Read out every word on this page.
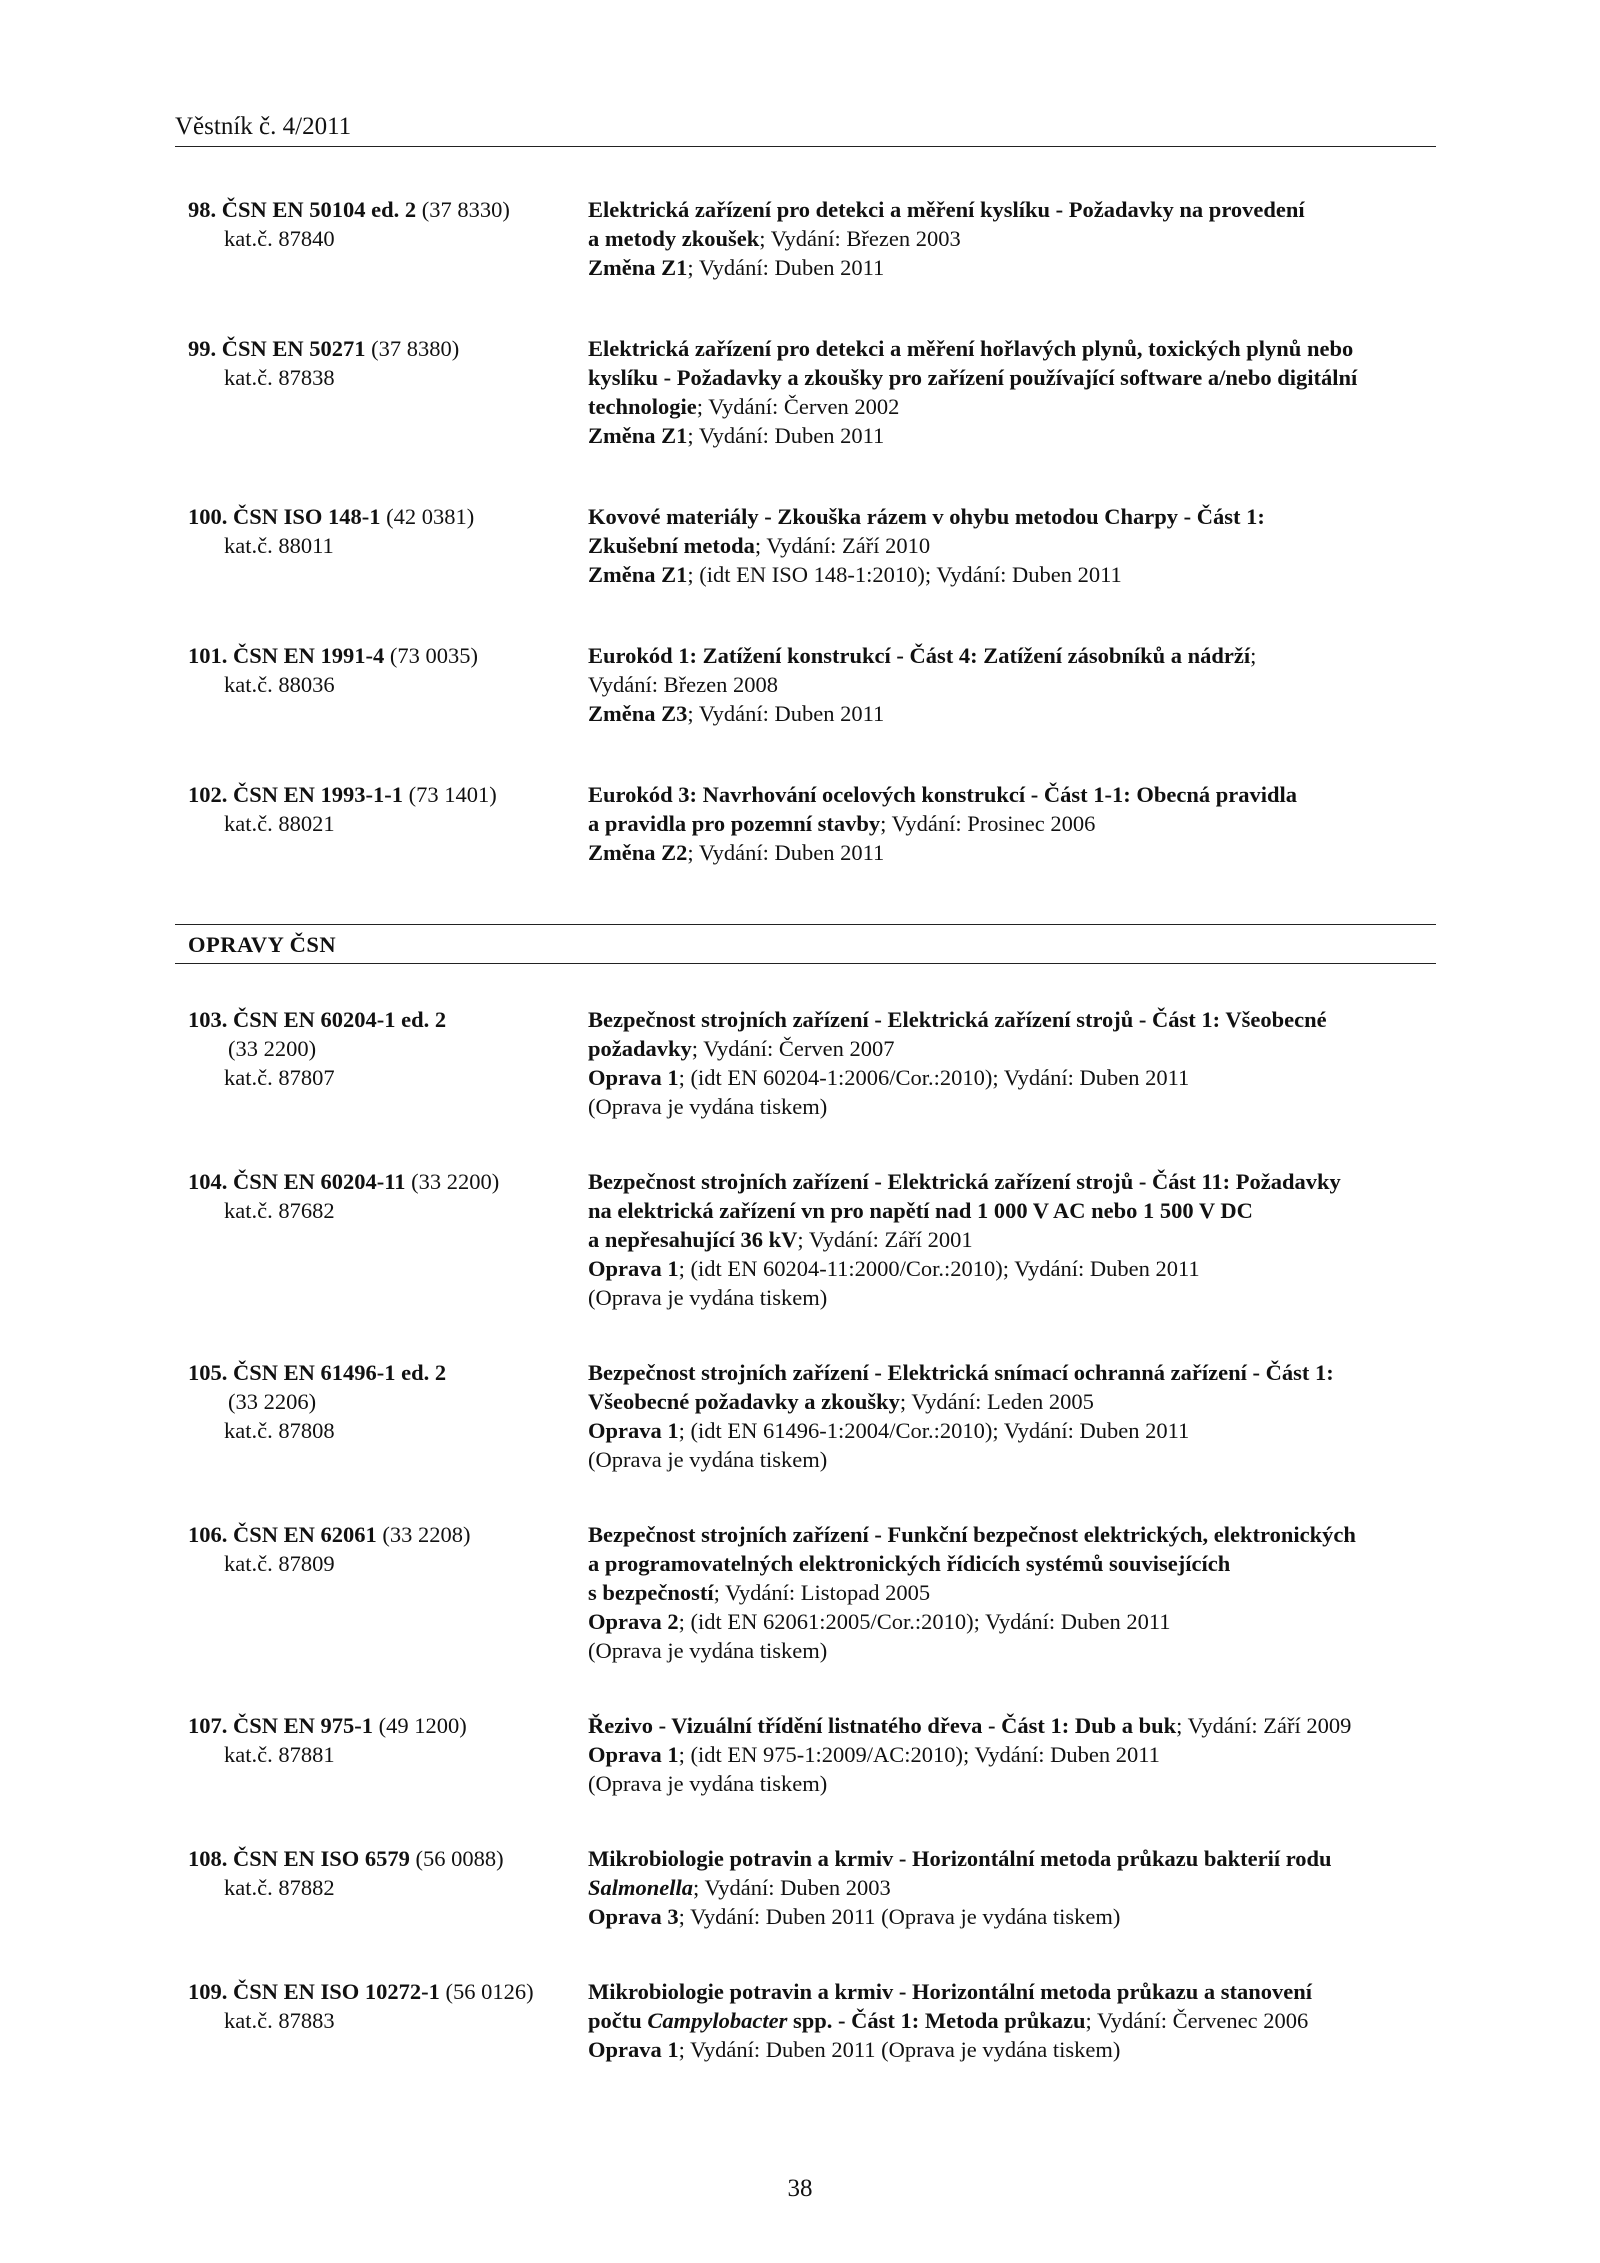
Věstník č. 4/2011
98. ČSN EN 50104 ed. 2 (37 8330)
kat.č. 87840
Elektrická zařízení pro detekci a měření kyslíku - Požadavky na provedení
a metody zkoušek; Vydání: Březen 2003
Změna Z1; Vydání: Duben 2011
99. ČSN EN 50271 (37 8380)
kat.č. 87838
Elektrická zařízení pro detekci a měření hořlavých plynů, toxických plynů nebo
kyslíku - Požadavky a zkoušky pro zařízení používající software a/nebo digitální
technologie; Vydání: Červen 2002
Změna Z1; Vydání: Duben 2011
100. ČSN ISO 148-1 (42 0381)
kat.č. 88011
Kovové materiály - Zkouška rázem v ohybu metodou Charpy - Část 1:
Zkušební metoda; Vydání: Září 2010
Změna Z1; (idt EN ISO 148-1:2010); Vydání: Duben 2011
101. ČSN EN 1991-4 (73 0035)
kat.č. 88036
Eurokód 1: Zatížení konstrukcí - Část 4: Zatížení zásobníků a nádrží;
Vydání: Březen 2008
Změna Z3; Vydání: Duben 2011
102. ČSN EN 1993-1-1 (73 1401)
kat.č. 88021
Eurokód 3: Navrhování ocelových konstrukcí - Část 1-1: Obecná pravidla
a pravidla pro pozemní stavby; Vydání: Prosinec 2006
Změna Z2; Vydání: Duben 2011
OPRAVY ČSN
103. ČSN EN 60204-1 ed. 2
(33 2200)
kat.č. 87807
Bezpečnost strojních zařízení - Elektrická zařízení strojů - Část 1: Všeobecné
požadavky; Vydání: Červen 2007
Oprava 1; (idt EN 60204-1:2006/Cor.:2010); Vydání: Duben 2011
(Oprava je vydána tiskem)
104. ČSN EN 60204-11 (33 2200)
kat.č. 87682
Bezpečnost strojních zařízení - Elektrická zařízení strojů - Část 11: Požadavky
na elektrická zařízení vn pro napětí nad 1 000 V AC nebo 1 500 V DC
a nepřesahující 36 kV; Vydání: Září 2001
Oprava 1; (idt EN 60204-11:2000/Cor.:2010); Vydání: Duben 2011
(Oprava je vydána tiskem)
105. ČSN EN 61496-1 ed. 2
(33 2206)
kat.č. 87808
Bezpečnost strojních zařízení - Elektrická snímací ochranná zařízení - Část 1:
Všeobecné požadavky a zkoušky; Vydání: Leden 2005
Oprava 1; (idt EN 61496-1:2004/Cor.:2010); Vydání: Duben 2011
(Oprava je vydána tiskem)
106. ČSN EN 62061 (33 2208)
kat.č. 87809
Bezpečnost strojních zařízení - Funkční bezpečnost elektrických, elektronických
a programovatelných elektronických řídicích systémů souvisejících
s bezpečností; Vydání: Listopad 2005
Oprava 2; (idt EN 62061:2005/Cor.:2010); Vydání: Duben 2011
(Oprava je vydána tiskem)
107. ČSN EN 975-1 (49 1200)
kat.č. 87881
Řezivo - Vizuální třídění listnatého dřeva - Část 1: Dub a buk; Vydání: Září 2009
Oprava 1; (idt EN 975-1:2009/AC:2010); Vydání: Duben 2011
(Oprava je vydána tiskem)
108. ČSN EN ISO 6579 (56 0088)
kat.č. 87882
Mikrobiologie potravin a krmiv - Horizontální metoda průkazu bakterií rodu
Salmonella; Vydání: Duben 2003
Oprava 3; Vydání: Duben 2011 (Oprava je vydána tiskem)
109. ČSN EN ISO 10272-1 (56 0126)
kat.č. 87883
Mikrobiologie potravin a krmiv - Horizontální metoda průkazu a stanovení
počtu Campylobacter spp. - Část 1: Metoda průkazu; Vydání: Červenec 2006
Oprava 1; Vydání: Duben 2011 (Oprava je vydána tiskem)
38
